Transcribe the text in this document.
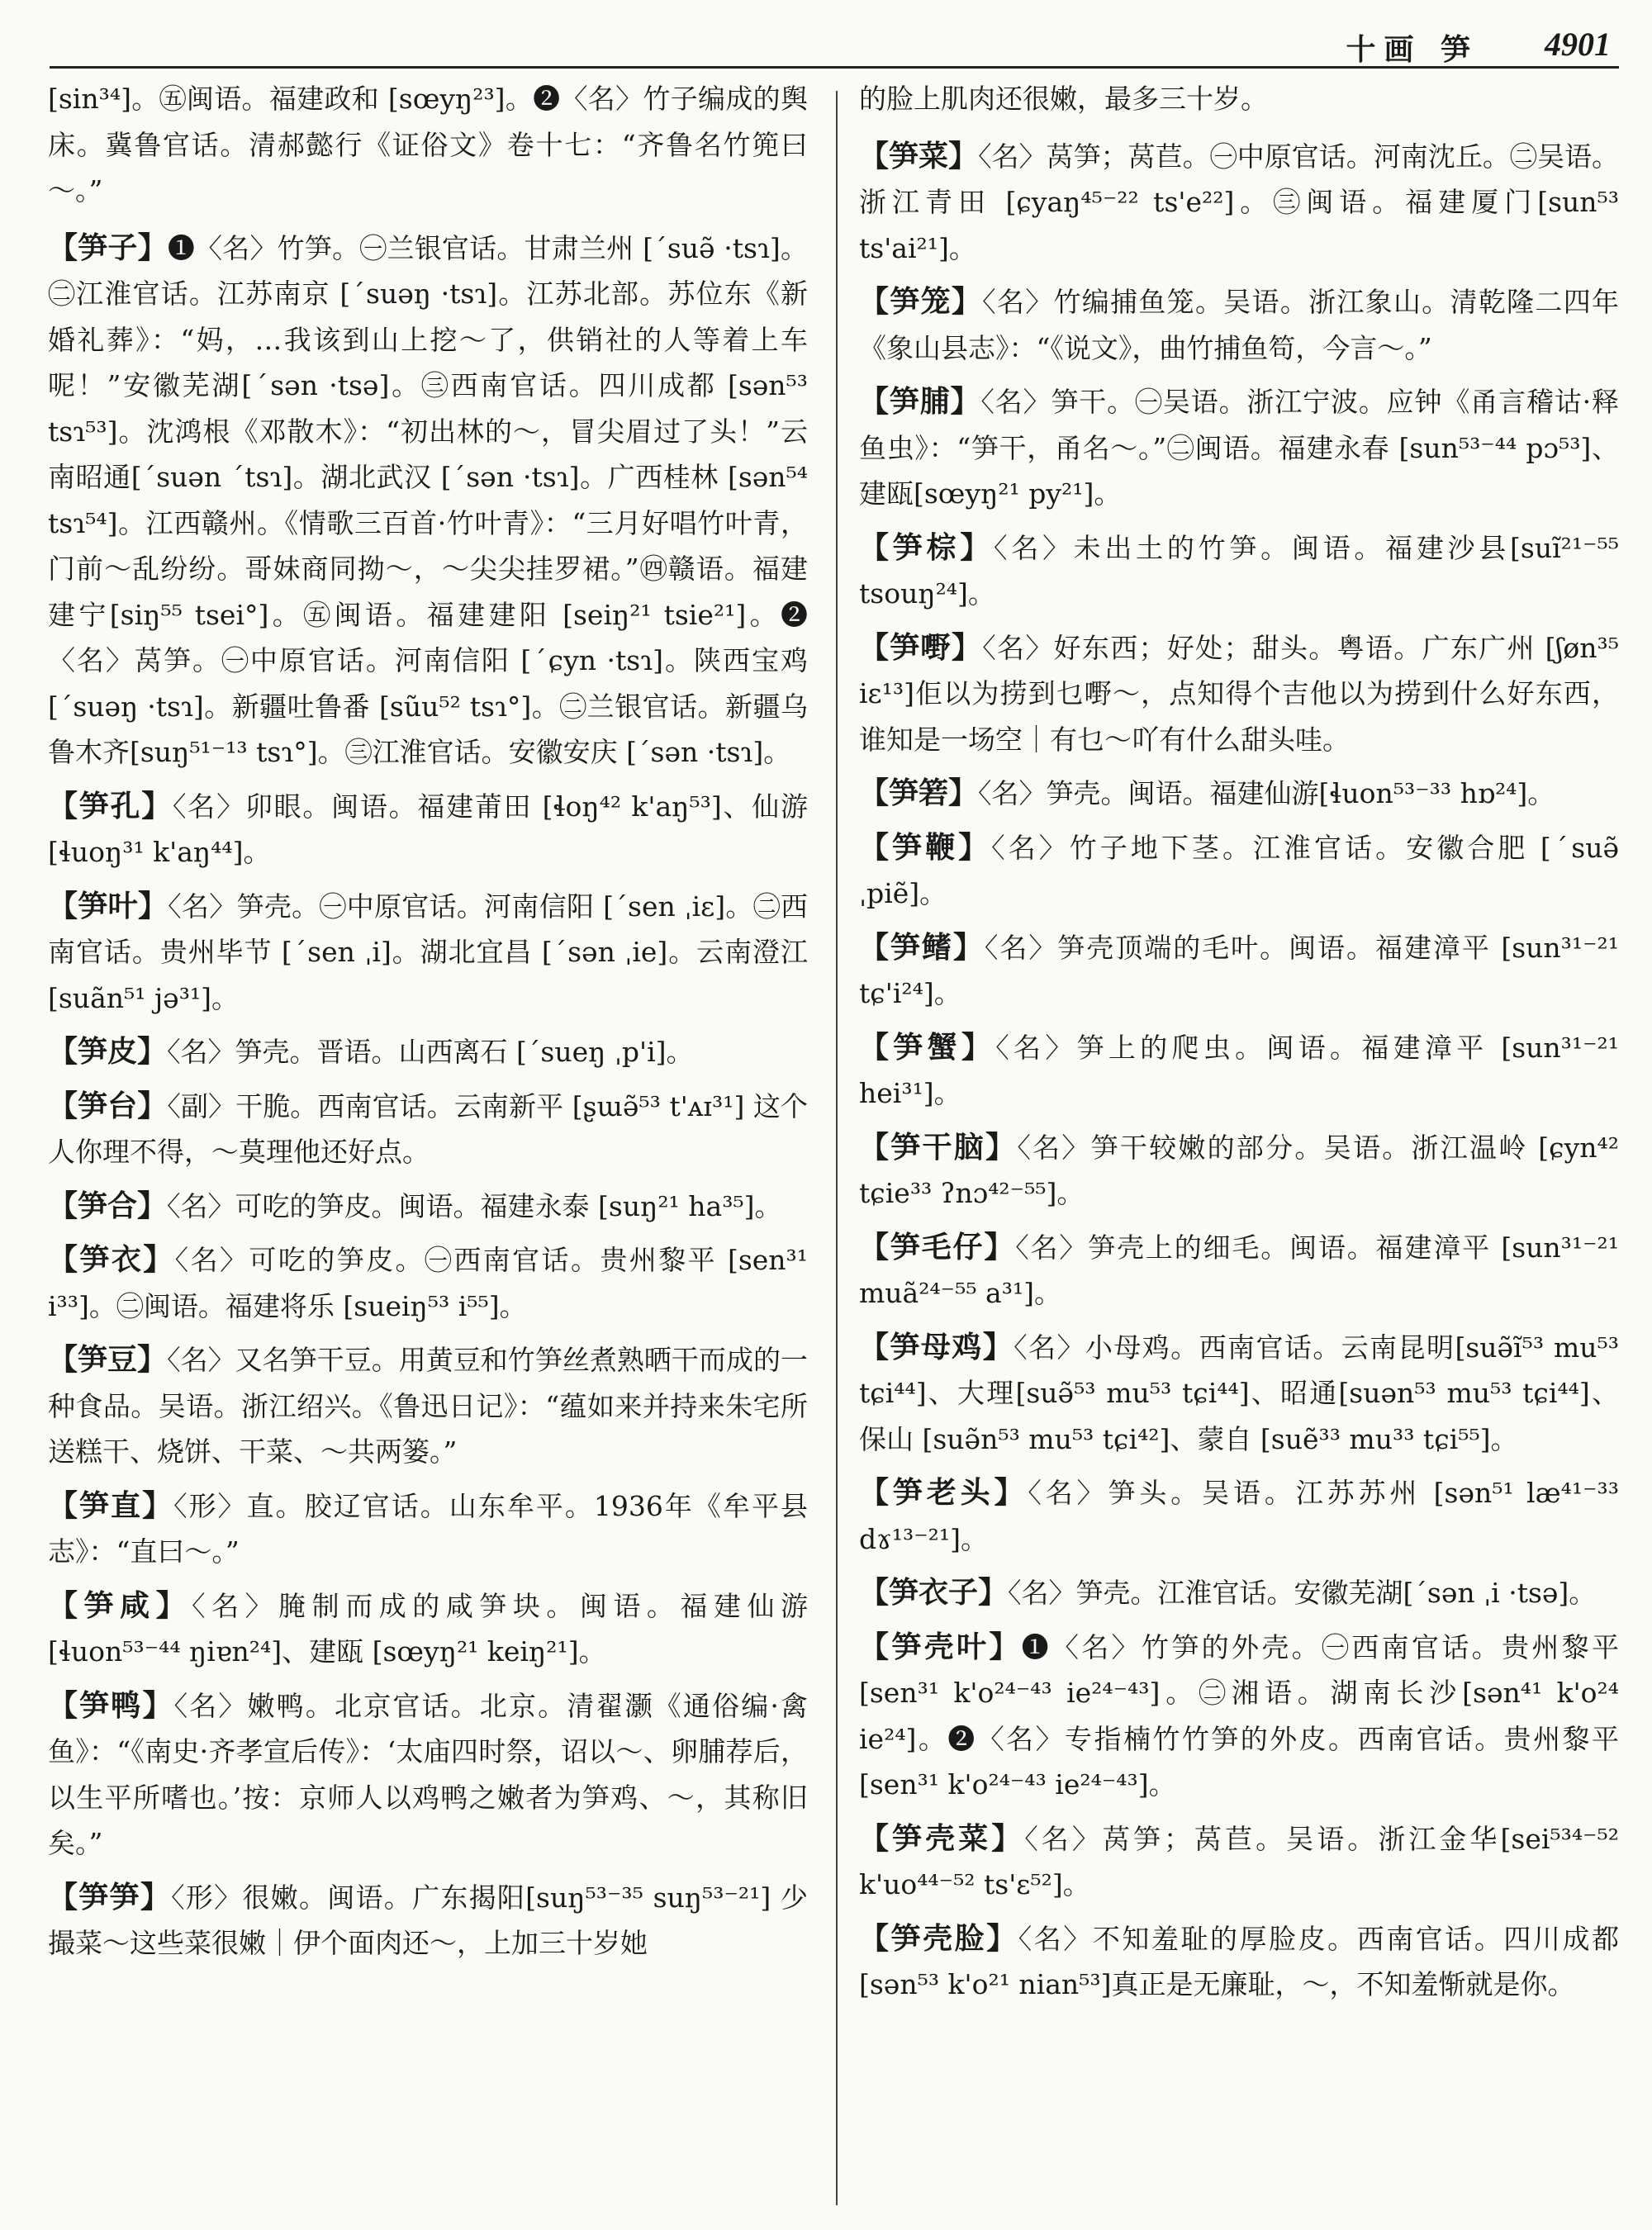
十画 笋 4901
[sin³⁴]。㊄闽语。福建政和 [sœyŋ²³]。❷〈名〉竹子编成的舆床。冀鲁官话。清郝懿行《证俗文》卷十七：“齐鲁名竹篼曰～。”
【笋子】❶〈名〉竹笋。㊀兰银官话。甘肃兰州 [ˊsuə̃ ·tsɿ]。㊁江淮官话。江苏南京 [ˊsuəŋ ·tsɿ]。江苏北部。苏位东《新婚礼葬》：“妈，…我该到山上挖～了，供销社的人等着上车呢！”安徽芜湖[ˊsən ·tsə]。㊂西南官话。四川成都 [sən⁵³ tsɿ⁵³]。沈鸿根《邓散木》：“初出林的～，冒尖眉过了头！”云南昭通[ˊsuən ˊtsɿ]。湖北武汉 [ˊsən ·tsɿ]。广西桂林 [sən⁵⁴ tsɿ⁵⁴]。江西赣州。《情歌三百首·竹叶青》：“三月好唱竹叶青，门前～乱纷纷。哥妹商同拗～，～尖尖挂罗裙。”㊃赣语。福建建宁[siŋ⁵⁵ tsei°]。㊄闽语。福建建阳 [seiŋ²¹ tsie²¹]。❷〈名〉莴笋。㊀中原官话。河南信阳 [ˊɕyn ·tsɿ]。陕西宝鸡[ˊsuəŋ ·tsɿ]。新疆吐鲁番 [sũu⁵² tsɿ°]。㊁兰银官话。新疆乌鲁木齐[suŋ⁵¹⁻¹³ tsɿ°]。㊂江淮官话。安徽安庆 [ˊsən ·tsɿ]。
【笋孔】〈名〉卯眼。闽语。福建莆田 [ɬoŋ⁴² k'aŋ⁵³]、仙游 [ɬuoŋ³¹ k'aŋ⁴⁴]。
【笋叶】〈名〉笋壳。㊀中原官话。河南信阳 [ˊsen ˌiɛ]。㊁西南官话。贵州毕节 [ˊsen ˌi]。湖北宜昌 [ˊsən ˌie]。云南澄江 [suãn⁵¹ jə³¹]。
【笋皮】〈名〉笋壳。晋语。山西离石 [ˊsueŋ ˌp'i]。
【笋台】〈副〉干脆。西南官话。云南新平 [ʂɯə̃⁵³ t'ᴀɪ³¹] 这个人你理不得，～莫理他还好点。
【笋合】〈名〉可吃的笋皮。闽语。福建永泰 [suŋ²¹ ha³⁵]。
【笋衣】〈名〉可吃的笋皮。㊀西南官话。贵州黎平 [sen³¹ i³³]。㊁闽语。福建将乐 [sueiŋ⁵³ i⁵⁵]。
【笋豆】〈名〉又名笋干豆。用黄豆和竹笋丝煮熟晒干而成的一种食品。吴语。浙江绍兴。《鲁迅日记》：“蕴如来并持来朱宅所送糕干、烧饼、干菜、～共两篓。”
【笋直】〈形〉直。胶辽官话。山东牟平。1936年《牟平县志》：“直曰～。”
【笋咸】〈名〉腌制而成的咸笋块。闽语。福建仙游 [ɬuon⁵³⁻⁴⁴ ŋiɐn²⁴]、建瓯 [sœyŋ²¹ keiŋ²¹]。
【笋鸭】〈名〉嫩鸭。北京官话。北京。清翟灏《通俗编·禽鱼》：“《南史·齐孝宣后传》：‘太庙四时祭，诏以～、卵脯荐后，以生平所嗜也。’按：京师人以鸡鸭之嫩者为笋鸡、～，其称旧矣。”
【笋笋】〈形〉很嫩。闽语。广东揭阳[suŋ⁵³⁻³⁵ suŋ⁵³⁻²¹] 少撮菜～这些菜很嫩｜伊个面肉还～，上加三十岁她
的脸上肌肉还很嫩，最多三十岁。
【笋菜】〈名〉莴笋；莴苣。㊀中原官话。河南沈丘。㊁吴语。浙江青田 [ɕyaŋ⁴⁵⁻²² ts'e²²]。㊂闽语。福建厦门[sun⁵³ ts'ai²¹]。
【笋笼】〈名〉竹编捕鱼笼。吴语。浙江象山。清乾隆二四年《象山县志》：“《说文》，曲竹捕鱼笱，今言～。”
【笋脯】〈名〉笋干。㊀吴语。浙江宁波。应钟《甬言稽诂·释鱼虫》：“笋干，甬名～。”㊁闽语。福建永春 [sun⁵³⁻⁴⁴ pɔ⁵³]、建瓯[sœyŋ²¹ py²¹]。
【笋棕】〈名〉未出土的竹笋。闽语。福建沙县[suĩ²¹⁻⁵⁵ tsouŋ²⁴]。
【笋嘢】〈名〉好东西；好处；甜头。粤语。广东广州 [ʃøn³⁵ iɛ¹³]佢以为捞到乜嘢～，点知得个吉他以为捞到什么好东西，谁知是一场空｜有乜～吖有什么甜头哇。
【笋箬】〈名〉笋壳。闽语。福建仙游[ɬuon⁵³⁻³³ hɒ²⁴]。
【笋鞭】〈名〉竹子地下茎。江淮官话。安徽合肥 [ˊsuə̃ ˌpiẽ]。
【笋鳍】〈名〉笋壳顶端的毛叶。闽语。福建漳平 [sun³¹⁻²¹ tɕ'i²⁴]。
【笋蟹】〈名〉笋上的爬虫。闽语。福建漳平 [sun³¹⁻²¹ hei³¹]。
【笋干脑】〈名〉笋干较嫩的部分。吴语。浙江温岭 [ɕyn⁴² tɕie³³ ʔnɔ⁴²⁻⁵⁵]。
【笋毛仔】〈名〉笋壳上的细毛。闽语。福建漳平 [sun³¹⁻²¹ muã²⁴⁻⁵⁵ a³¹]。
【笋母鸡】〈名〉小母鸡。西南官话。云南昆明[suə̃ĩ⁵³ mu⁵³ tɕi⁴⁴]、大理[suə̃⁵³ mu⁵³ tɕi⁴⁴]、昭通[suən⁵³ mu⁵³ tɕi⁴⁴]、保山 [suə̃n⁵³ mu⁵³ tɕi⁴²]、蒙自 [suẽ³³ mu³³ tɕi⁵⁵]。
【笋老头】〈名〉笋头。吴语。江苏苏州 [sən⁵¹ læ⁴¹⁻³³ dɤ¹³⁻²¹]。
【笋衣子】〈名〉笋壳。江淮官话。安徽芜湖[ˊsən ˌi ·tsə]。
【笋壳叶】❶〈名〉竹笋的外壳。㊀西南官话。贵州黎平[sen³¹ k'o²⁴⁻⁴³ ie²⁴⁻⁴³]。㊁湘语。湖南长沙[sən⁴¹ k'o²⁴ ie²⁴]。❷〈名〉专指楠竹竹笋的外皮。西南官话。贵州黎平[sen³¹ k'o²⁴⁻⁴³ ie²⁴⁻⁴³]。
【笋壳菜】〈名〉莴笋；莴苣。吴语。浙江金华[sei⁵³⁴⁻⁵² k'uo⁴⁴⁻⁵² ts'ɛ⁵²]。
【笋壳脸】〈名〉不知羞耻的厚脸皮。西南官话。四川成都[sən⁵³ k'o²¹ nian⁵³]真正是无廉耻，～，不知羞惭就是你。
